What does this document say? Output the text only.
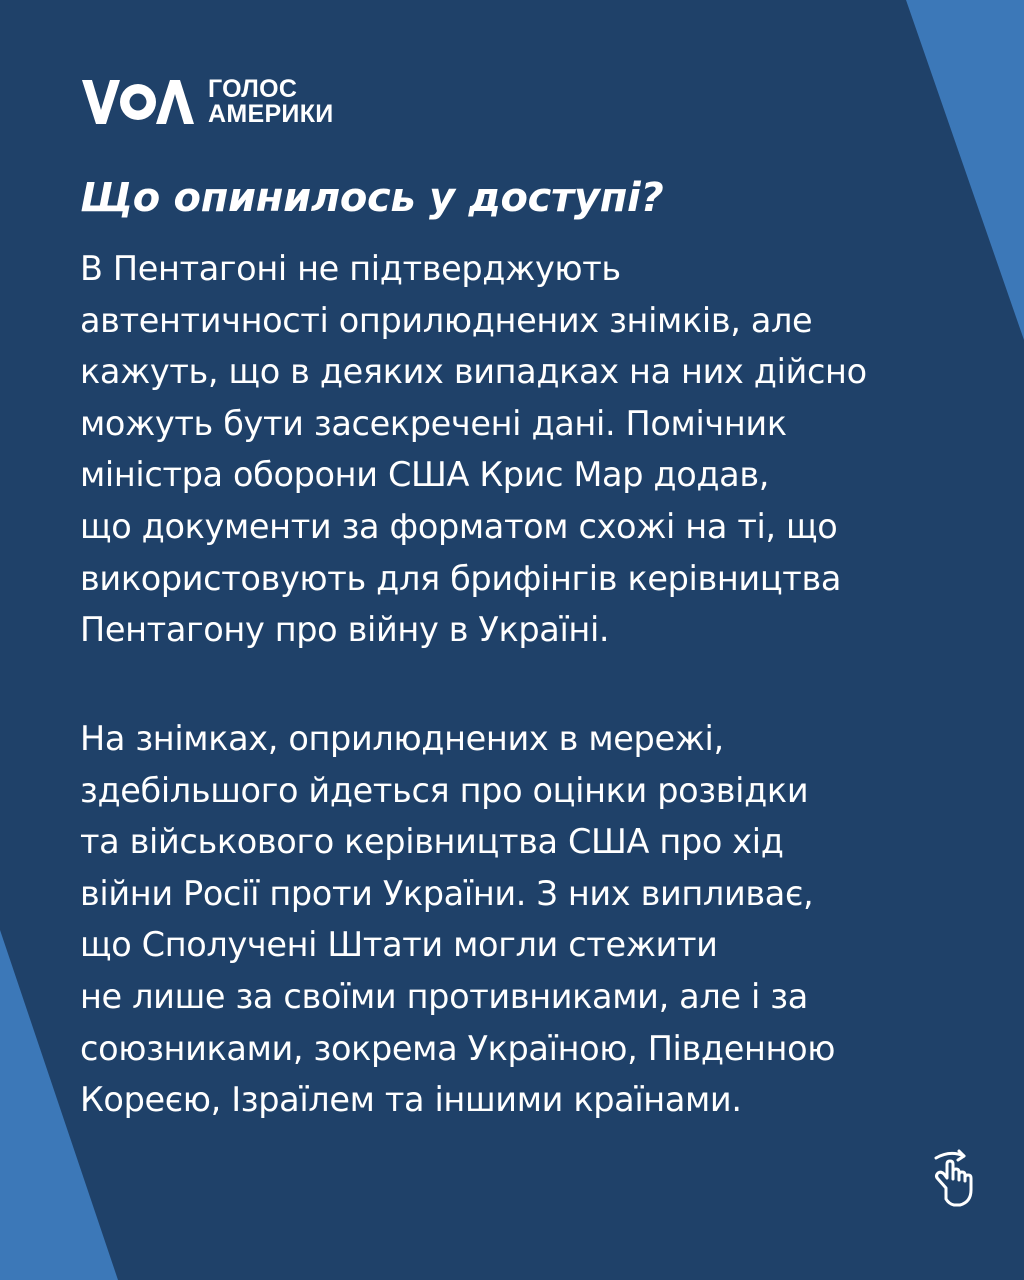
ГОЛОС
АМЕРИКИ
Що опинилось у доступі?

В Пентагоні не підтверджують
автентичності оприлюднених знімків, але
кажуть, що в деяких випадках на них дійсно
можуть бути засекречені дані. Помічник
міністра оборони США Крис Мар додав,
що документи за форматом схожі на ті, що
використовують для брифінгів керівництва
Пентагону про війну в Україні.

На знімках, оприлюднених в мережі,
здебільшого йдеться про оцінки розвідки
та військового керівництва США про хід
війни Росії проти України. З них випливає,
що Сполучені Штати могли стежити
не лише за своїми противниками, але і за
союзниками, зокрема Україною, Південною
Кореєю, Ізраїлем та іншими країнами.
